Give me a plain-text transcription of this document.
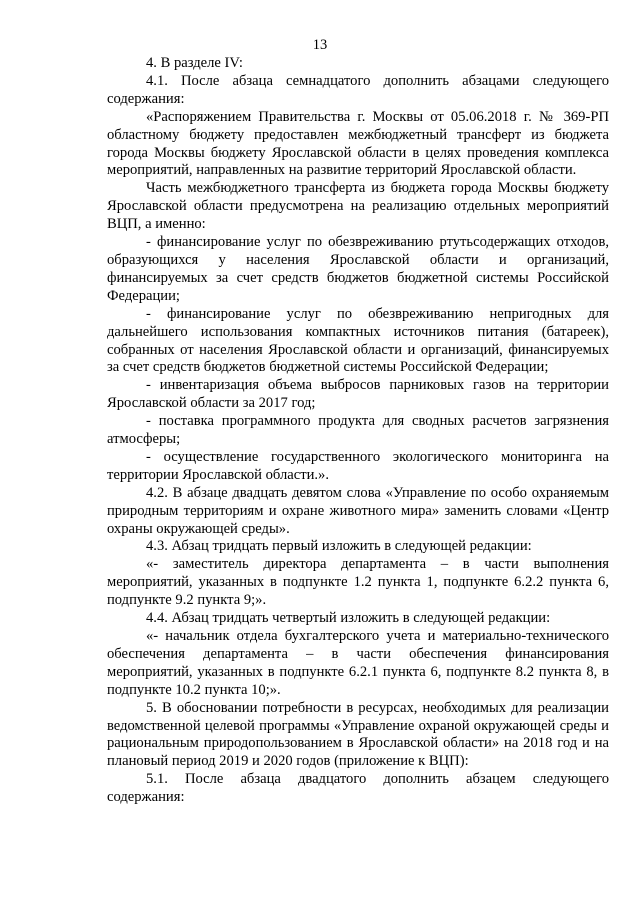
13

4. В разделе IV:

4.1. После абзаца семнадцатого дополнить абзацами следующего содержания:

«Распоряжением Правительства г. Москвы от 05.06.2018 г. № 369-РП областному бюджету предоставлен межбюджетный трансферт из бюджета города Москвы бюджету Ярославской области в целях проведения комплекса мероприятий, направленных на развитие территорий Ярославской области.

Часть межбюджетного трансферта из бюджета города Москвы бюджету Ярославской области предусмотрена на реализацию отдельных мероприятий ВЦП, а именно:

- финансирование услуг по обезвреживанию ртутьсодержащих отходов, образующихся у населения Ярославской области и организаций, финансируемых за счет средств бюджетов бюджетной системы Российской Федерации;

- финансирование услуг по обезвреживанию непригодных для дальнейшего использования компактных источников питания (батареек), собранных от населения Ярославской области и организаций, финансируемых за счет средств бюджетов бюджетной системы Российской Федерации;

- инвентаризация объема выбросов парниковых газов на территории Ярославской области за 2017 год;

- поставка программного продукта для сводных расчетов загрязнения атмосферы;

- осуществление государственного экологического мониторинга на территории Ярославской области.».

4.2. В абзаце двадцать девятом слова «Управление по особо охраняемым природным территориям и охране животного мира» заменить словами «Центр охраны окружающей среды».

4.3. Абзац тридцать первый изложить в следующей редакции:

«- заместитель директора департамента – в части выполнения мероприятий, указанных в подпункте 1.2 пункта 1, подпункте 6.2.2 пункта 6, подпункте 9.2 пункта 9;».

4.4. Абзац тридцать четвертый изложить в следующей редакции:

«- начальник отдела бухгалтерского учета и материально-технического обеспечения департамента – в части обеспечения финансирования мероприятий, указанных в подпункте 6.2.1 пункта 6, подпункте 8.2 пункта 8, в подпункте 10.2 пункта 10;».

5. В обосновании потребности в ресурсах, необходимых для реализации ведомственной целевой программы «Управление охраной окружающей среды и рациональным природопользованием в Ярославской области» на 2018 год и на плановый период 2019 и 2020 годов (приложение к ВЦП):

5.1. После абзаца двадцатого дополнить абзацем следующего содержания:
